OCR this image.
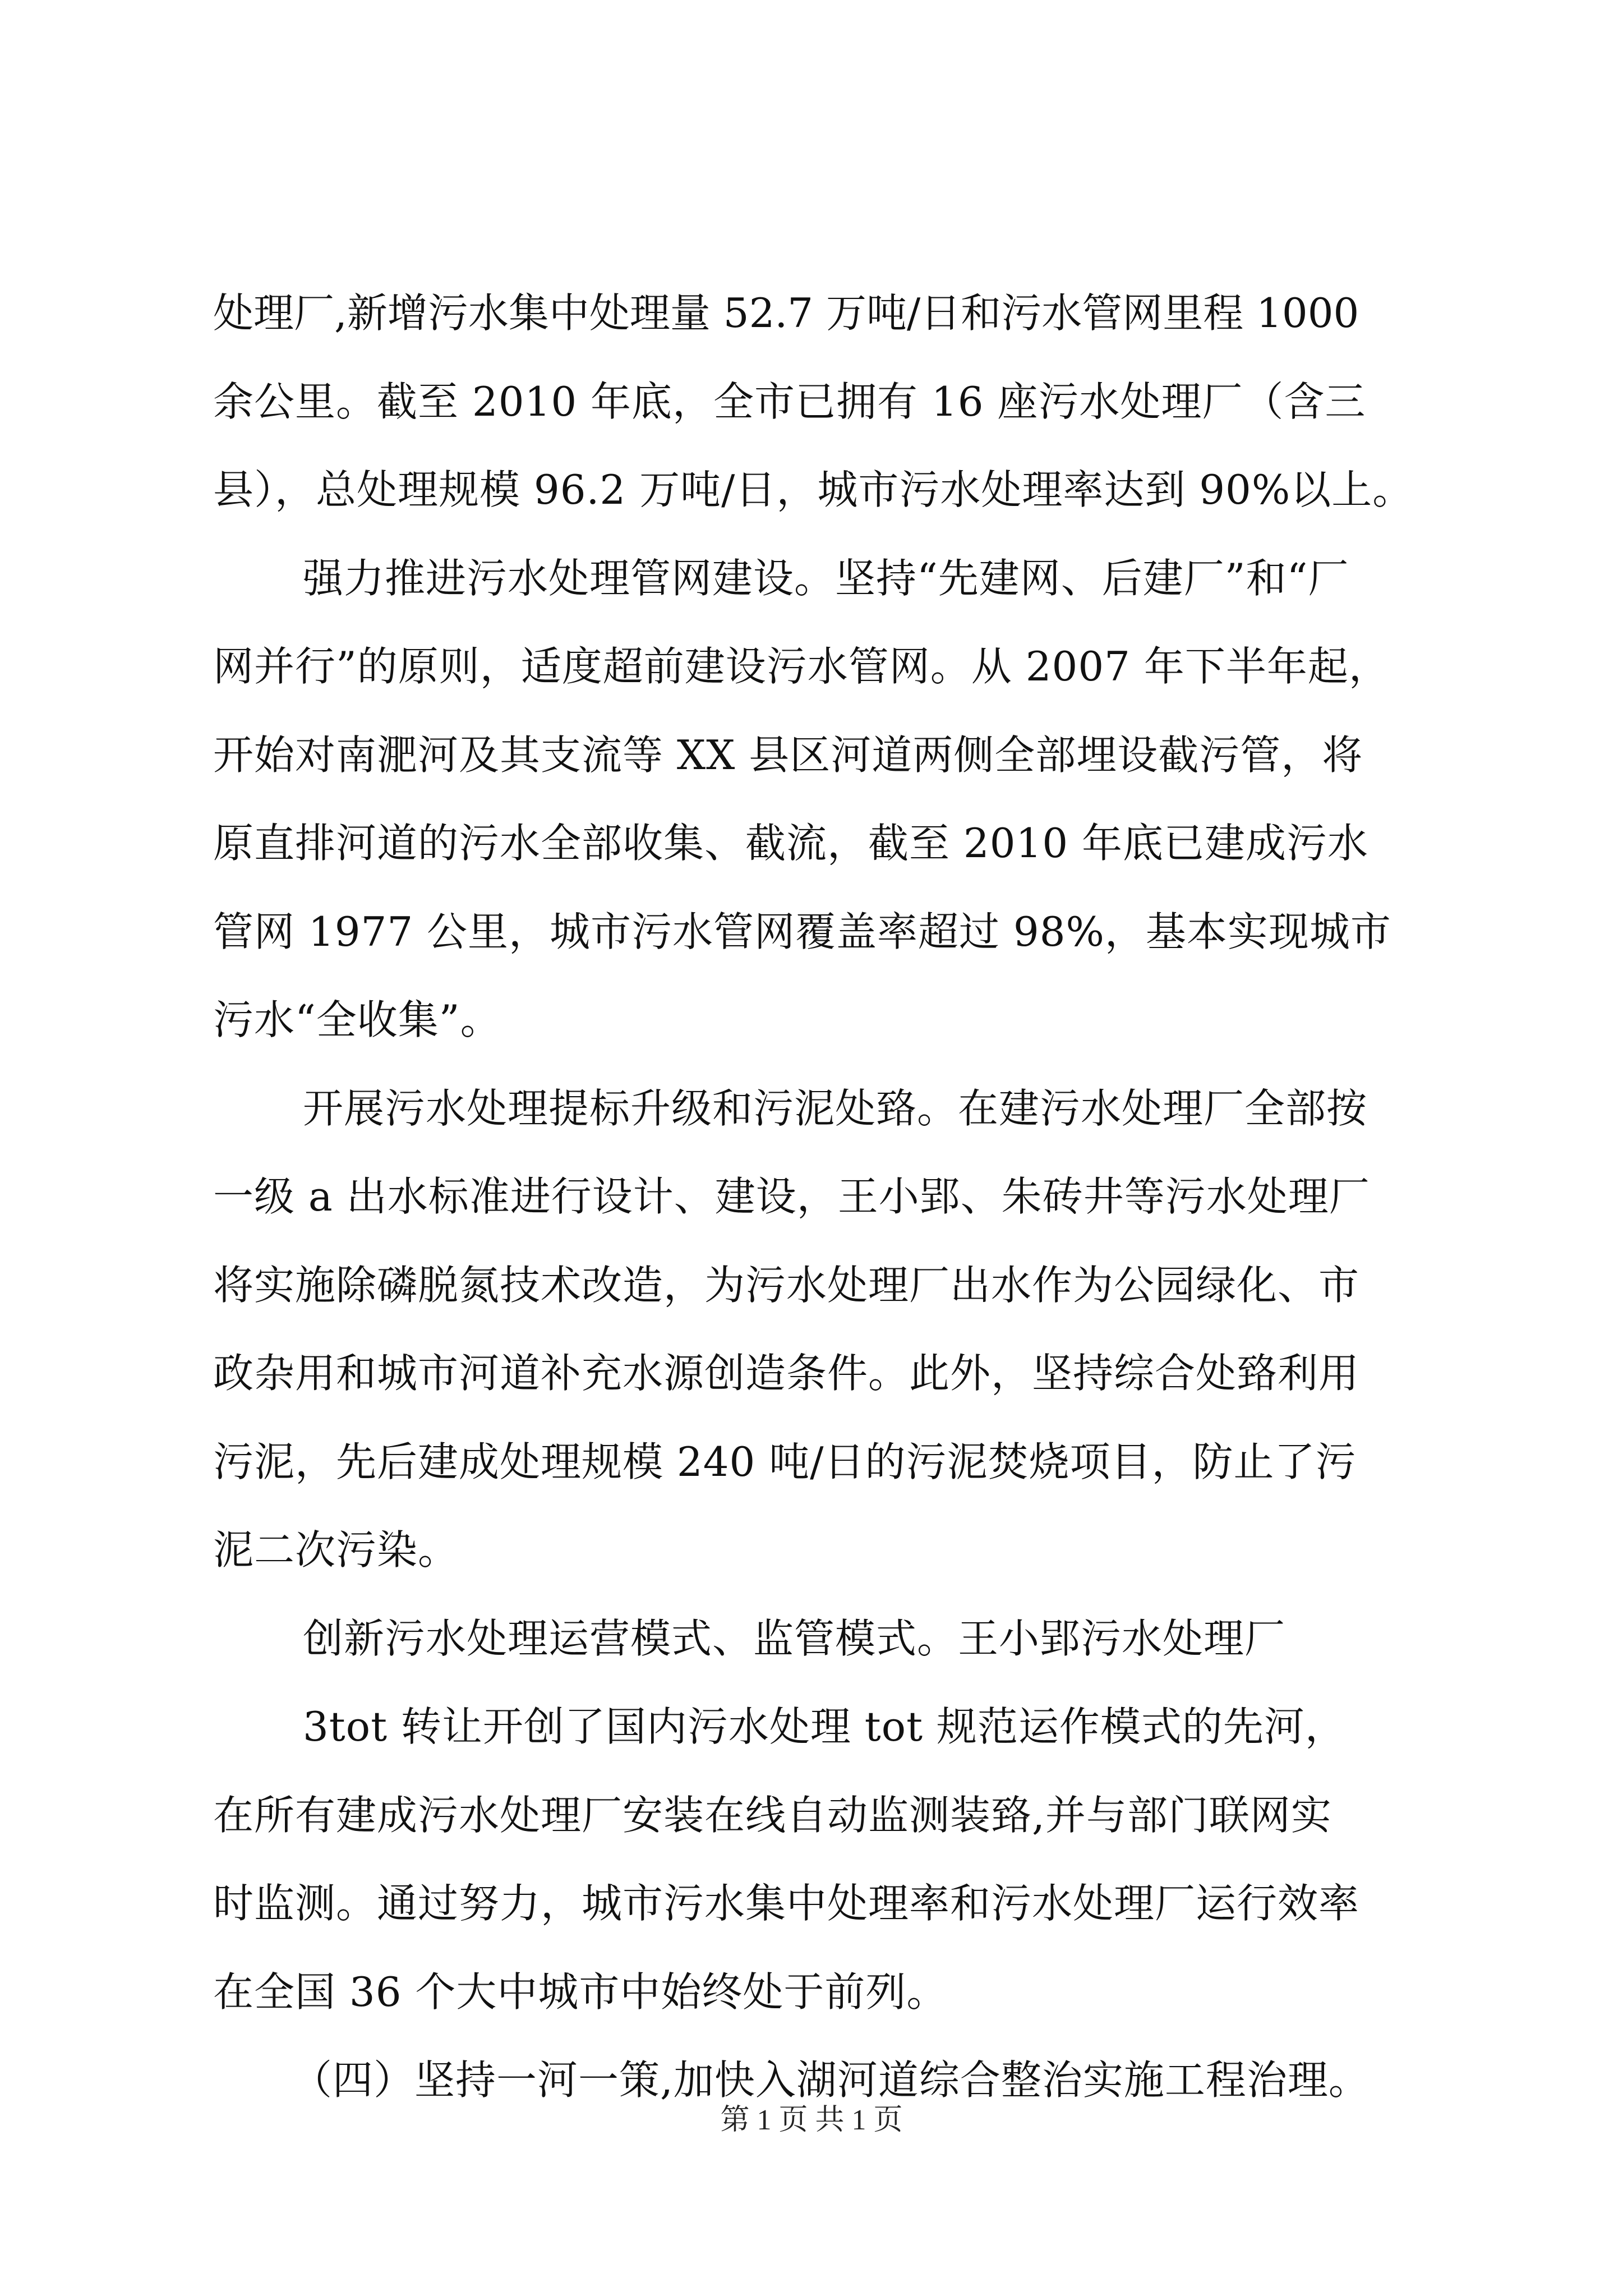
处理厂,新增污水集中处理量 52.7 万吨/日和污水管网里程 1000
余公里。截至 2010 年底，全市已拥有 16 座污水处理厂（含三
县），总处理规模 96.2 万吨/日，城市污水处理率达到 90%以上。
强力推进污水处理管网建设。坚持“先建网、后建厂”和“厂
网并行”的原则，适度超前建设污水管网。从 2007 年下半年起，
开始对南淝河及其支流等 XX 县区河道两侧全部埋设截污管，将
原直排河道的污水全部收集、截流，截至 2010 年底已建成污水
管网 1977 公里，城市污水管网覆盖率超过 98%，基本实现城市
污水“全收集”。
开展污水处理提标升级和污泥处臵。在建污水处理厂全部按
一级 a 出水标准进行设计、建设，王小郢、朱砖井等污水处理厂
将实施除磷脱氮技术改造，为污水处理厂出水作为公园绿化、市
政杂用和城市河道补充水源创造条件。此外，坚持综合处臵利用
污泥，先后建成处理规模 240 吨/日的污泥焚烧项目，防止了污
泥二次污染。
创新污水处理运营模式、监管模式。王小郢污水处理厂
3tot 转让开创了国内污水处理 tot 规范运作模式的先河，
在所有建成污水处理厂安装在线自动监测装臵,并与部门联网实
时监测。通过努力，城市污水集中处理率和污水处理厂运行效率
在全国 36 个大中城市中始终处于前列。
（四）坚持一河一策,加快入湖河道综合整治实施工程治理。
第 1 页 共 1 页
